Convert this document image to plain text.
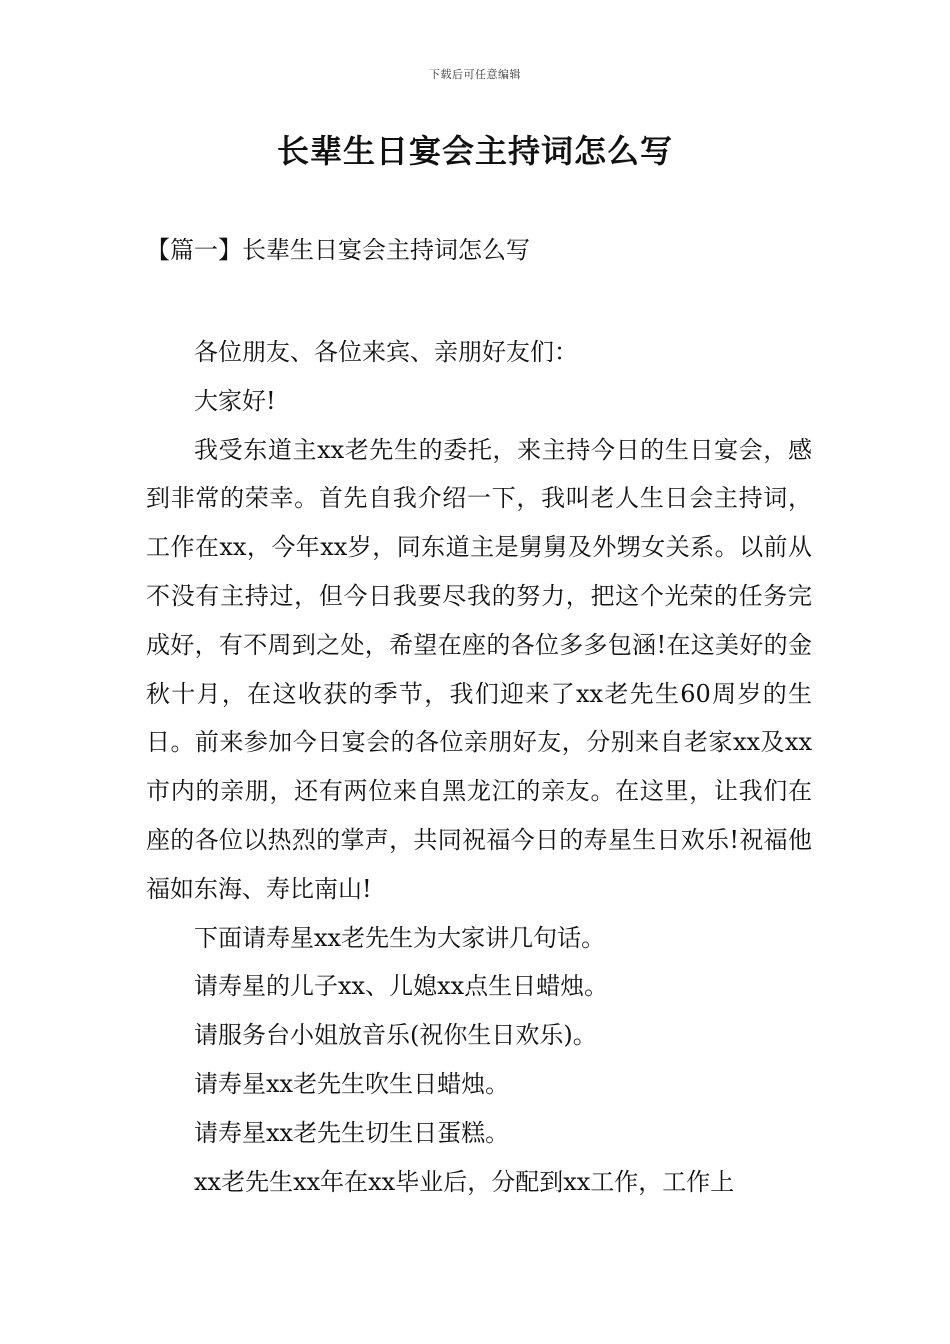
下载后可任意编辑
长辈生日宴会主持词怎么写
【篇一】长辈生日宴会主持词怎么写

各位朋友、各位来宾、亲朋好友们：

大家好!

我受东道主xx老先生的委托，来主持今日的生日宴会，感到非常的荣幸。首先自我介绍一下，我叫老人生日会主持词，工作在xx，今年xx岁，同东道主是舅舅及外甥女关系。以前从不没有主持过，但今日我要尽我的努力，把这个光荣的任务完成好，有不周到之处，希望在座的各位多多包涵!在这美好的金秋十月，在这收获的季节，我们迎来了xx老先生60周岁的生日。前来参加今日宴会的各位亲朋好友，分别来自老家xx及xx市内的亲朋，还有两位来自黑龙江的亲友。在这里，让我们在座的各位以热烈的掌声，共同祝福今日的寿星生日欢乐!祝福他福如东海、寿比南山!

下面请寿星xx老先生为大家讲几句话。

请寿星的儿子xx、儿媳xx点生日蜡烛。

请服务台小姐放音乐(祝你生日欢乐)。

请寿星xx老先生吹生日蜡烛。

请寿星xx老先生切生日蛋糕。

xx老先生xx年在xx毕业后，分配到xx工作，工作上
